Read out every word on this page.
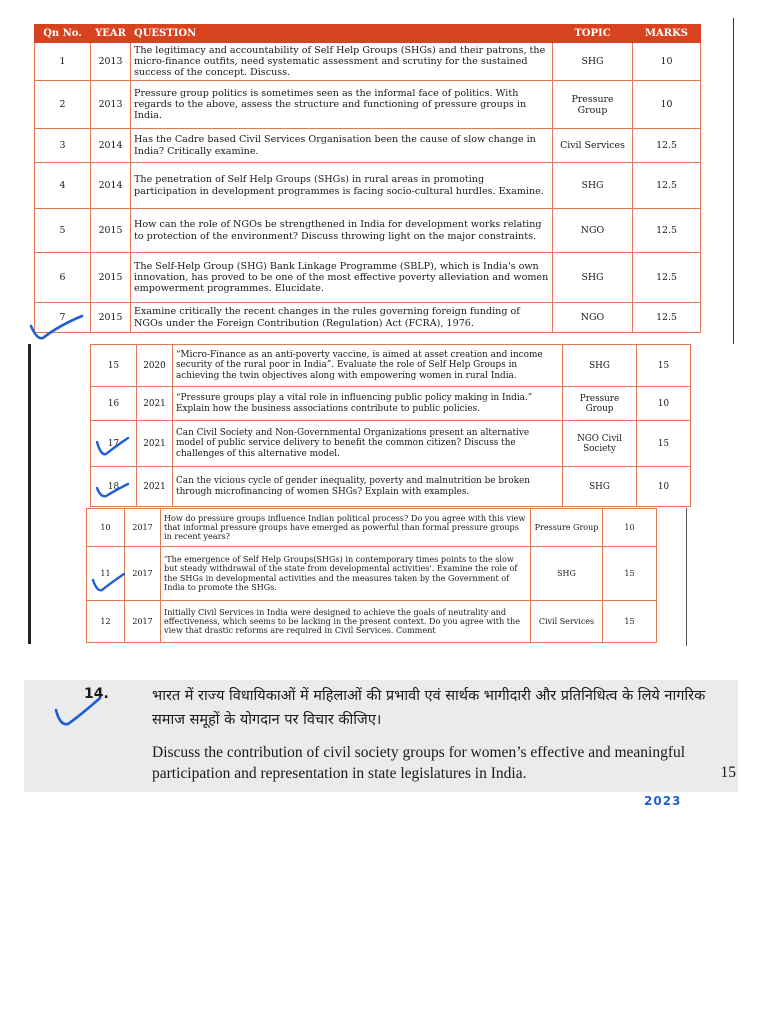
Qn No.	YEAR	QUESTION	TOPIC	MARKS
1	2013	The legitimacy and accountability of Self Help Groups (SHGs) and their patrons, the micro-finance outfits, need systematic assessment and scrutiny for the sustained success of the concept. Discuss.	SHG	10
2	2013	Pressure group politics is sometimes seen as the informal face of politics. With regards to the above, assess the structure and functioning of pressure groups in India.	Pressure Group	10
3	2014	Has the Cadre based Civil Services Organisation been the cause of slow change in India? Critically examine.	Civil Services	12.5
4	2014	The penetration of Self Help Groups (SHGs) in rural areas in promoting participation in development programmes is facing socio-cultural hurdles. Examine.	SHG	12.5
5	2015	How can the role of NGOs be strengthened in India for development works relating to protection of the environment? Discuss throwing light on the major constraints.	NGO	12.5
6	2015	The Self-Help Group (SHG) Bank Linkage Programme (SBLP), which is India's own innovation, has proved to be one of the most effective poverty alleviation and women empowerment programmes. Elucidate.	SHG	12.5
7	2015	Examine critically the recent changes in the rules governing foreign funding of NGOs under the Foreign Contribution (Regulation) Act (FCRA), 1976.	NGO	12.5
15	2020	“Micro-Finance as an anti-poverty vaccine, is aimed at asset creation and income security of the rural poor in India”. Evaluate the role of Self Help Groups in achieving the twin objectives along with empowering women in rural India.	SHG	15
16	2021	“Pressure groups play a vital role in influencing public policy making in India.” Explain how the business associations contribute to public policies.	Pressure Group	10
17	2021	Can Civil Society and Non-Governmental Organizations present an alternative model of public service delivery to benefit the common citizen? Discuss the challenges of this alternative model.	NGO Civil Society	15
18	2021	Can the vicious cycle of gender inequality, poverty and malnutrition be broken through microfinancing of women SHGs? Explain with examples.	SHG	10
10	2017	How do pressure groups influence Indian political process? Do you agree with this view that informal pressure groups have emerged as powerful than formal pressure groups in recent years?	Pressure Group	10
11	2017	'The emergence of Self Help Groups(SHGs) in contemporary times points to the slow but steady withdrawal of the state from developmental activities'. Examine the role of the SHGs in developmental activities and the measures taken by the Government of India to promote the SHGs.	SHG	15
12	2017	Initially Civil Services in India were designed to achieve the goals of neutrality and effectiveness, which seems to be lacking in the present context. Do you agree with the view that drastic reforms are required in Civil Services. Comment	Civil Services	15
14.	भारत में राज्य विधायिकाओं में महिलाओं की प्रभावी एवं सार्थक भागीदारी और प्रतिनिधित्व के लिये नागरिक समाज समूहों के योगदान पर विचार कीजिए।
Discuss the contribution of civil society groups for women’s effective and meaningful participation and representation in state legislatures in India.	15
2023
